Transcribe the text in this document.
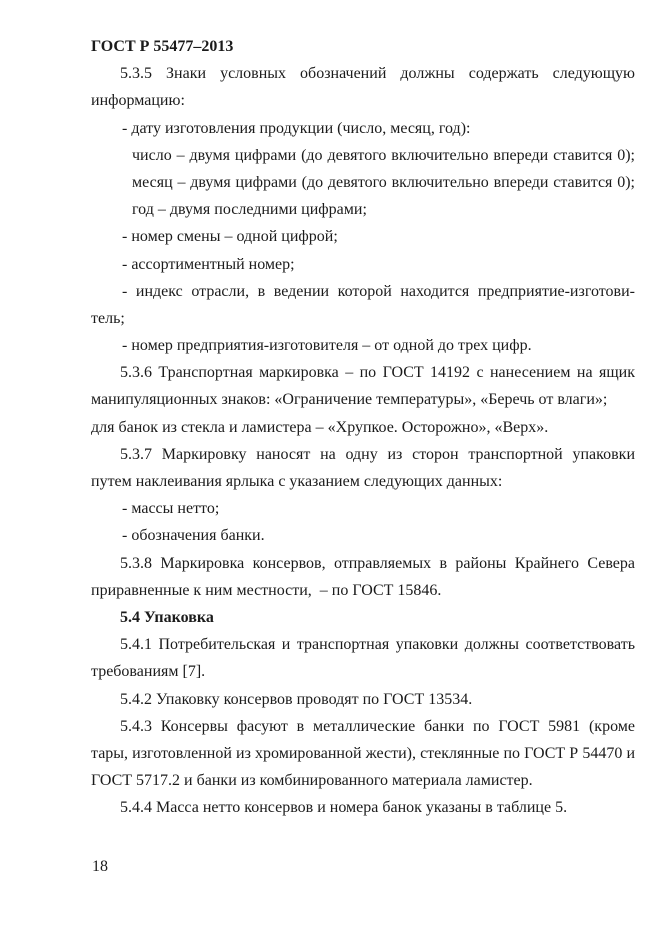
ГОСТ Р 55477–2013
5.3.5 Знаки условных обозначений должны содержать следующую
информацию:
- дату изготовления продукции (число, месяц, год):
число – двумя цифрами (до девятого включительно впереди ставится 0);
месяц – двумя цифрами (до девятого включительно впереди ставится 0);
год – двумя последними цифрами;
- номер смены – одной цифрой;
- ассортиментный номер;
- индекс отрасли, в ведении которой находится предприятие-изготови-
тель;
- номер предприятия-изготовителя – от одной до трех цифр.
5.3.6 Транспортная маркировка – по ГОСТ 14192 с нанесением на ящик
манипуляционных знаков: «Ограничение температуры», «Беречь от влаги»;
для банок из стекла и ламистера – «Хрупкое. Осторожно», «Верх».
5.3.7 Маркировку наносят на одну из сторон транспортной упаковки
путем наклеивания ярлыка с указанием следующих данных:
- массы нетто;
- обозначения банки.
5.3.8 Маркировка консервов, отправляемых в районы Крайнего Севера
приравненные к ним местности,  – по ГОСТ 15846.
5.4 Упаковка
5.4.1 Потребительская и транспортная упаковки должны соответствовать
требованиям [7].
5.4.2 Упаковку консервов проводят по ГОСТ 13534.
5.4.3 Консервы фасуют в металлические банки по ГОСТ 5981 (кроме
тары, изготовленной из хромированной жести), стеклянные по ГОСТ Р 54470 и
ГОСТ 5717.2 и банки из комбинированного материала ламистер.
5.4.4 Масса нетто консервов и номера банок указаны в таблице 5.
18
